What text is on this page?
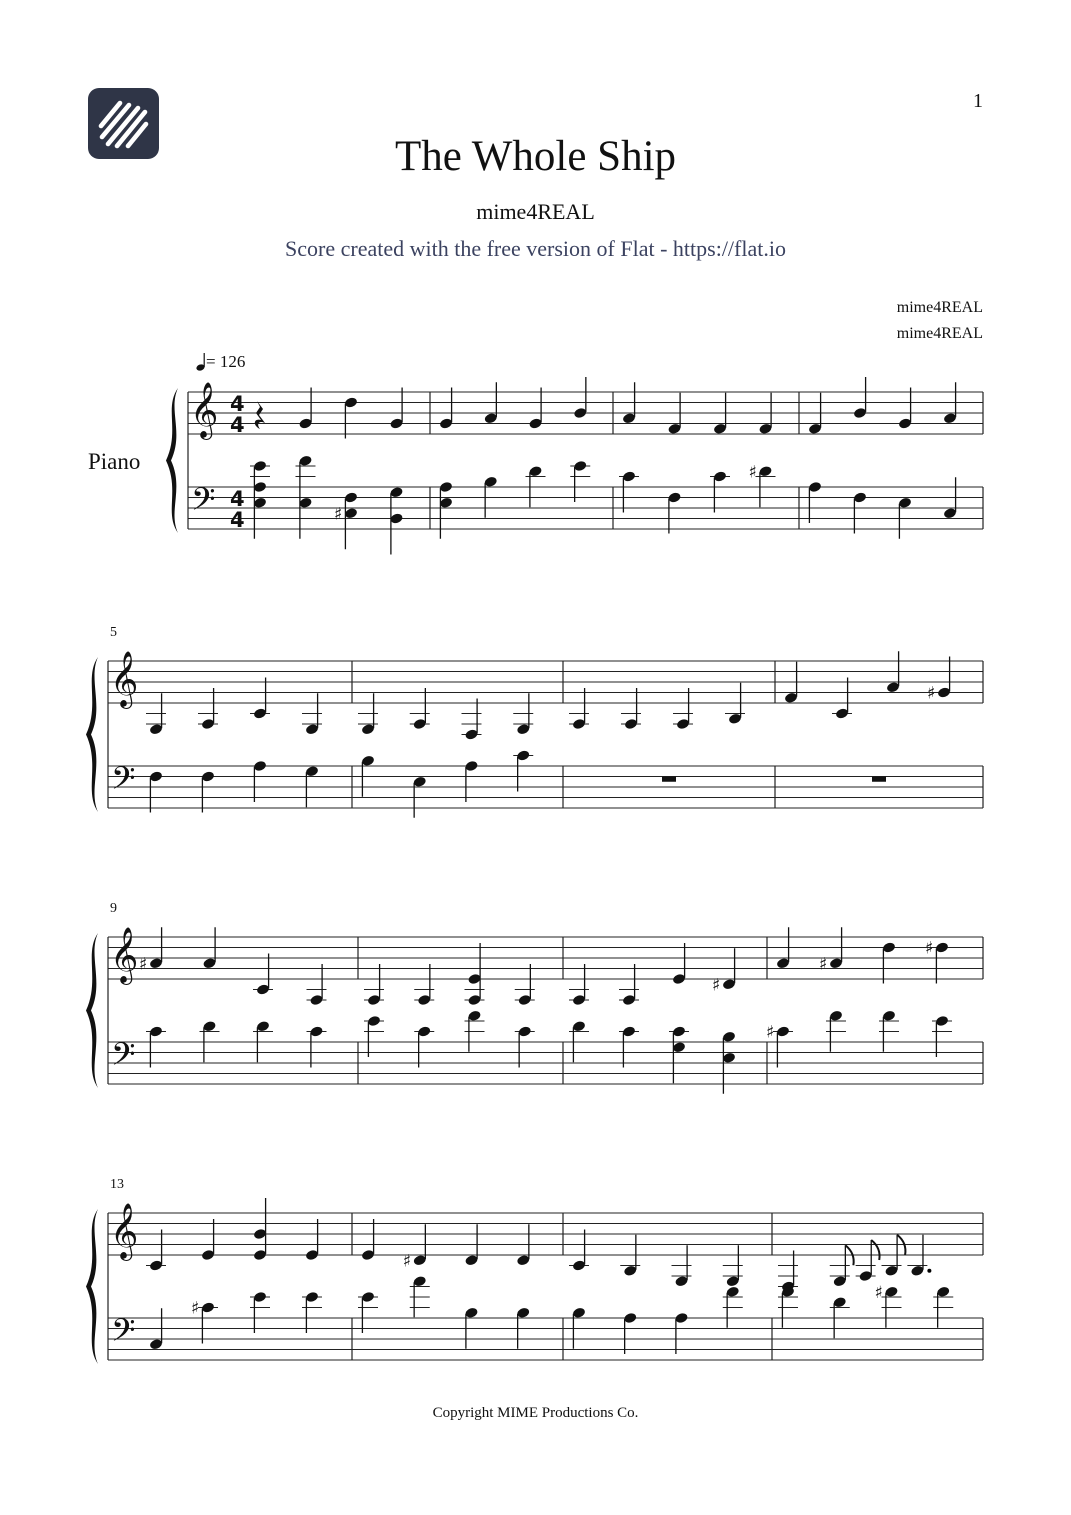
1
The Whole Ship
mime4REAL
Score created with the free version of Flat - https://flat.io
mime4REAL
mime4REAL
= 126
Piano
5
9
13
𝄞
𝄢
4
4
4
4	♯
♯
𝄞
𝄢
♯
𝄞
𝄢
♯
♯
♯
♯
♯
𝄞
𝄢
♯
♯
♯
Copyright MIME Productions Co.
